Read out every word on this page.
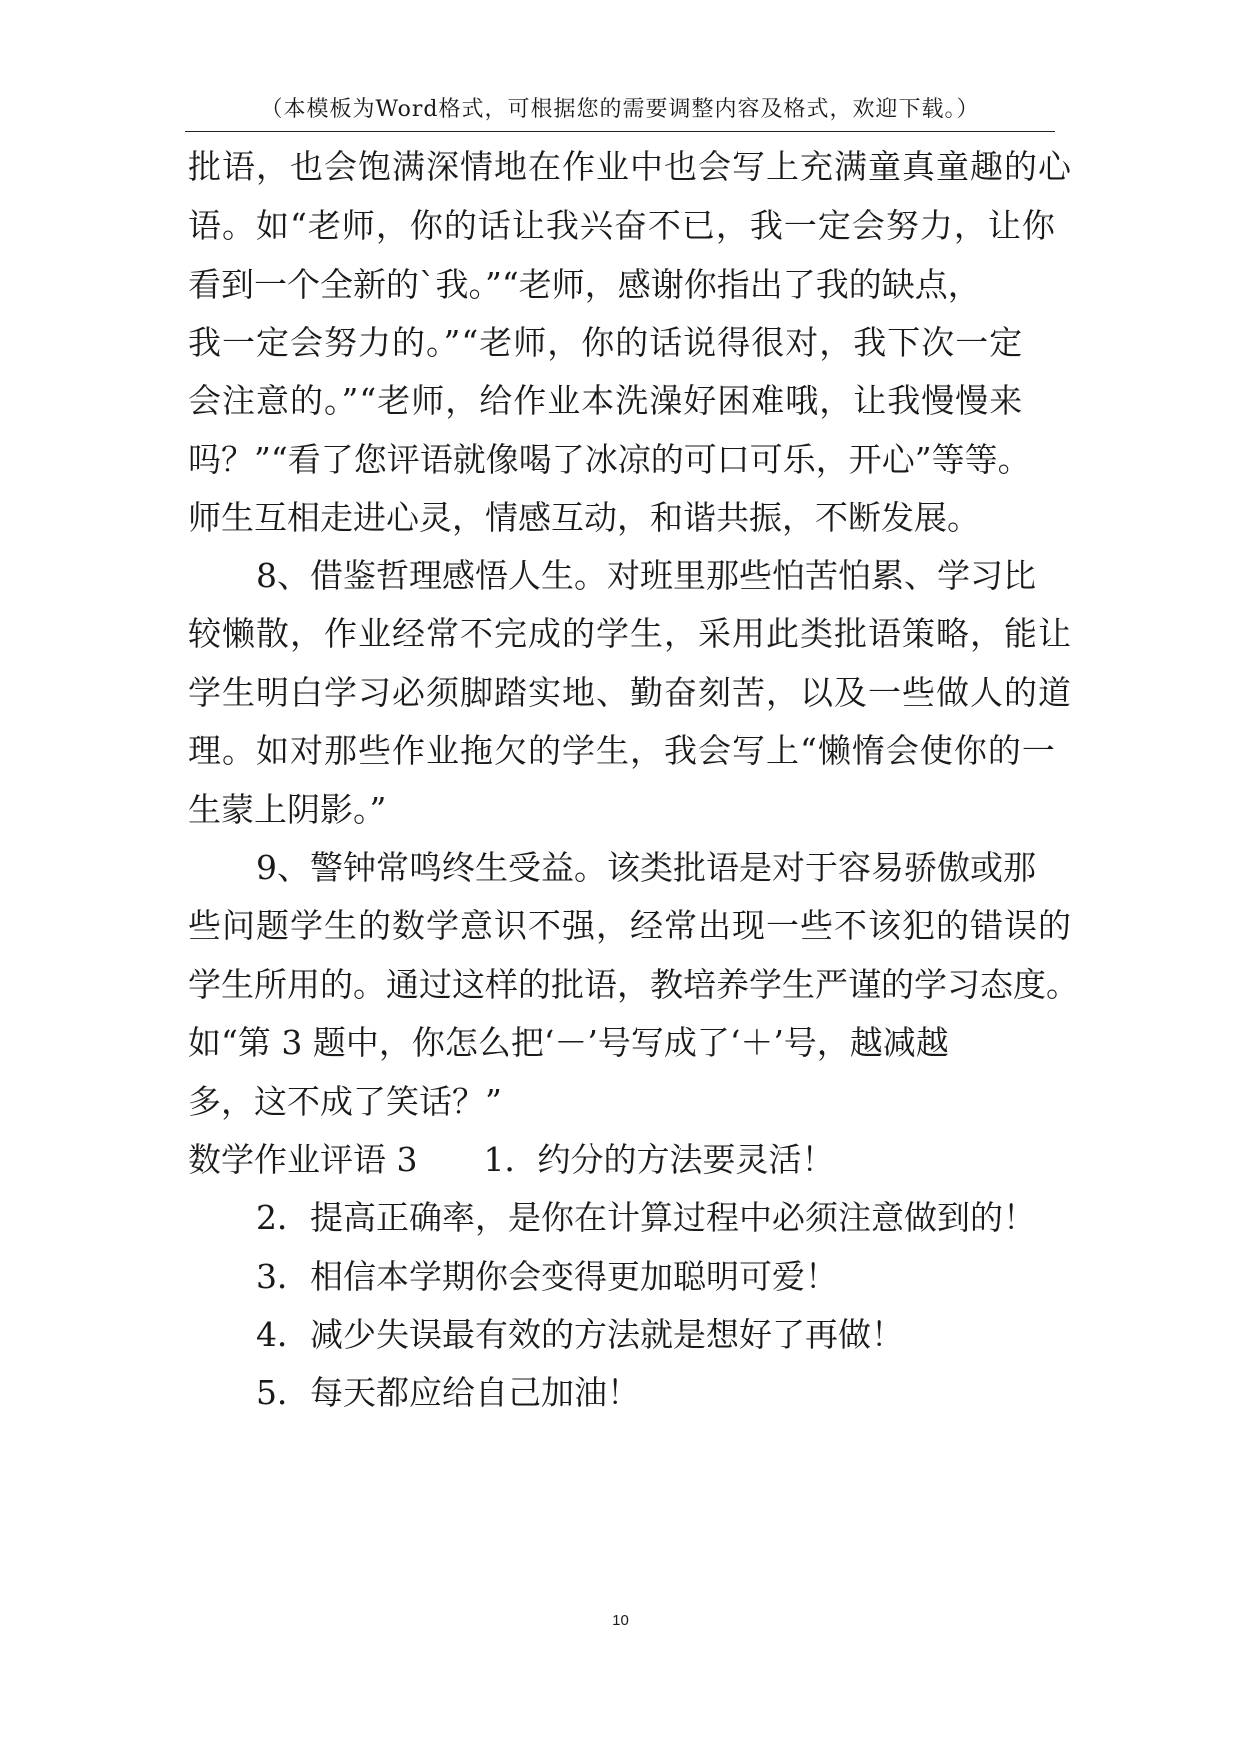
（本模板为Word格式，可根据您的需要调整内容及格式，欢迎下载。）
批语，也会饱满深情地在作业中也会写上充满童真童趣的心
语。如“老师，你的话让我兴奋不已，我一定会努力，让你
看到一个全新的`我。”“老师，感谢你指出了我的缺点，
我一定会努力的。”“老师，你的话说得很对，我下次一定
会注意的。”“老师，给作业本洗澡好困难哦，让我慢慢来
吗？”“看了您评语就像喝了冰凉的可口可乐，开心”等等。
师生互相走进心灵，情感互动，和谐共振，不断发展。
8、借鉴哲理感悟人生。对班里那些怕苦怕累、学习比
较懒散，作业经常不完成的学生，采用此类批语策略，能让
学生明白学习必须脚踏实地、勤奋刻苦，以及一些做人的道
理。如对那些作业拖欠的学生，我会写上“懒惰会使你的一
生蒙上阴影。”
9、警钟常鸣终生受益。该类批语是对于容易骄傲或那
些问题学生的数学意识不强，经常出现一些不该犯的错误的
学生所用的。通过这样的批语，教培养学生严谨的学习态度。
如“第 3 题中，你怎么把‘－’号写成了‘＋’号，越减越
多，这不成了笑话？”
数学作业评语 3　　1．约分的方法要灵活！
2．提高正确率，是你在计算过程中必须注意做到的！
3．相信本学期你会变得更加聪明可爱！
4．减少失误最有效的方法就是想好了再做！
5．每天都应给自己加油！
10
